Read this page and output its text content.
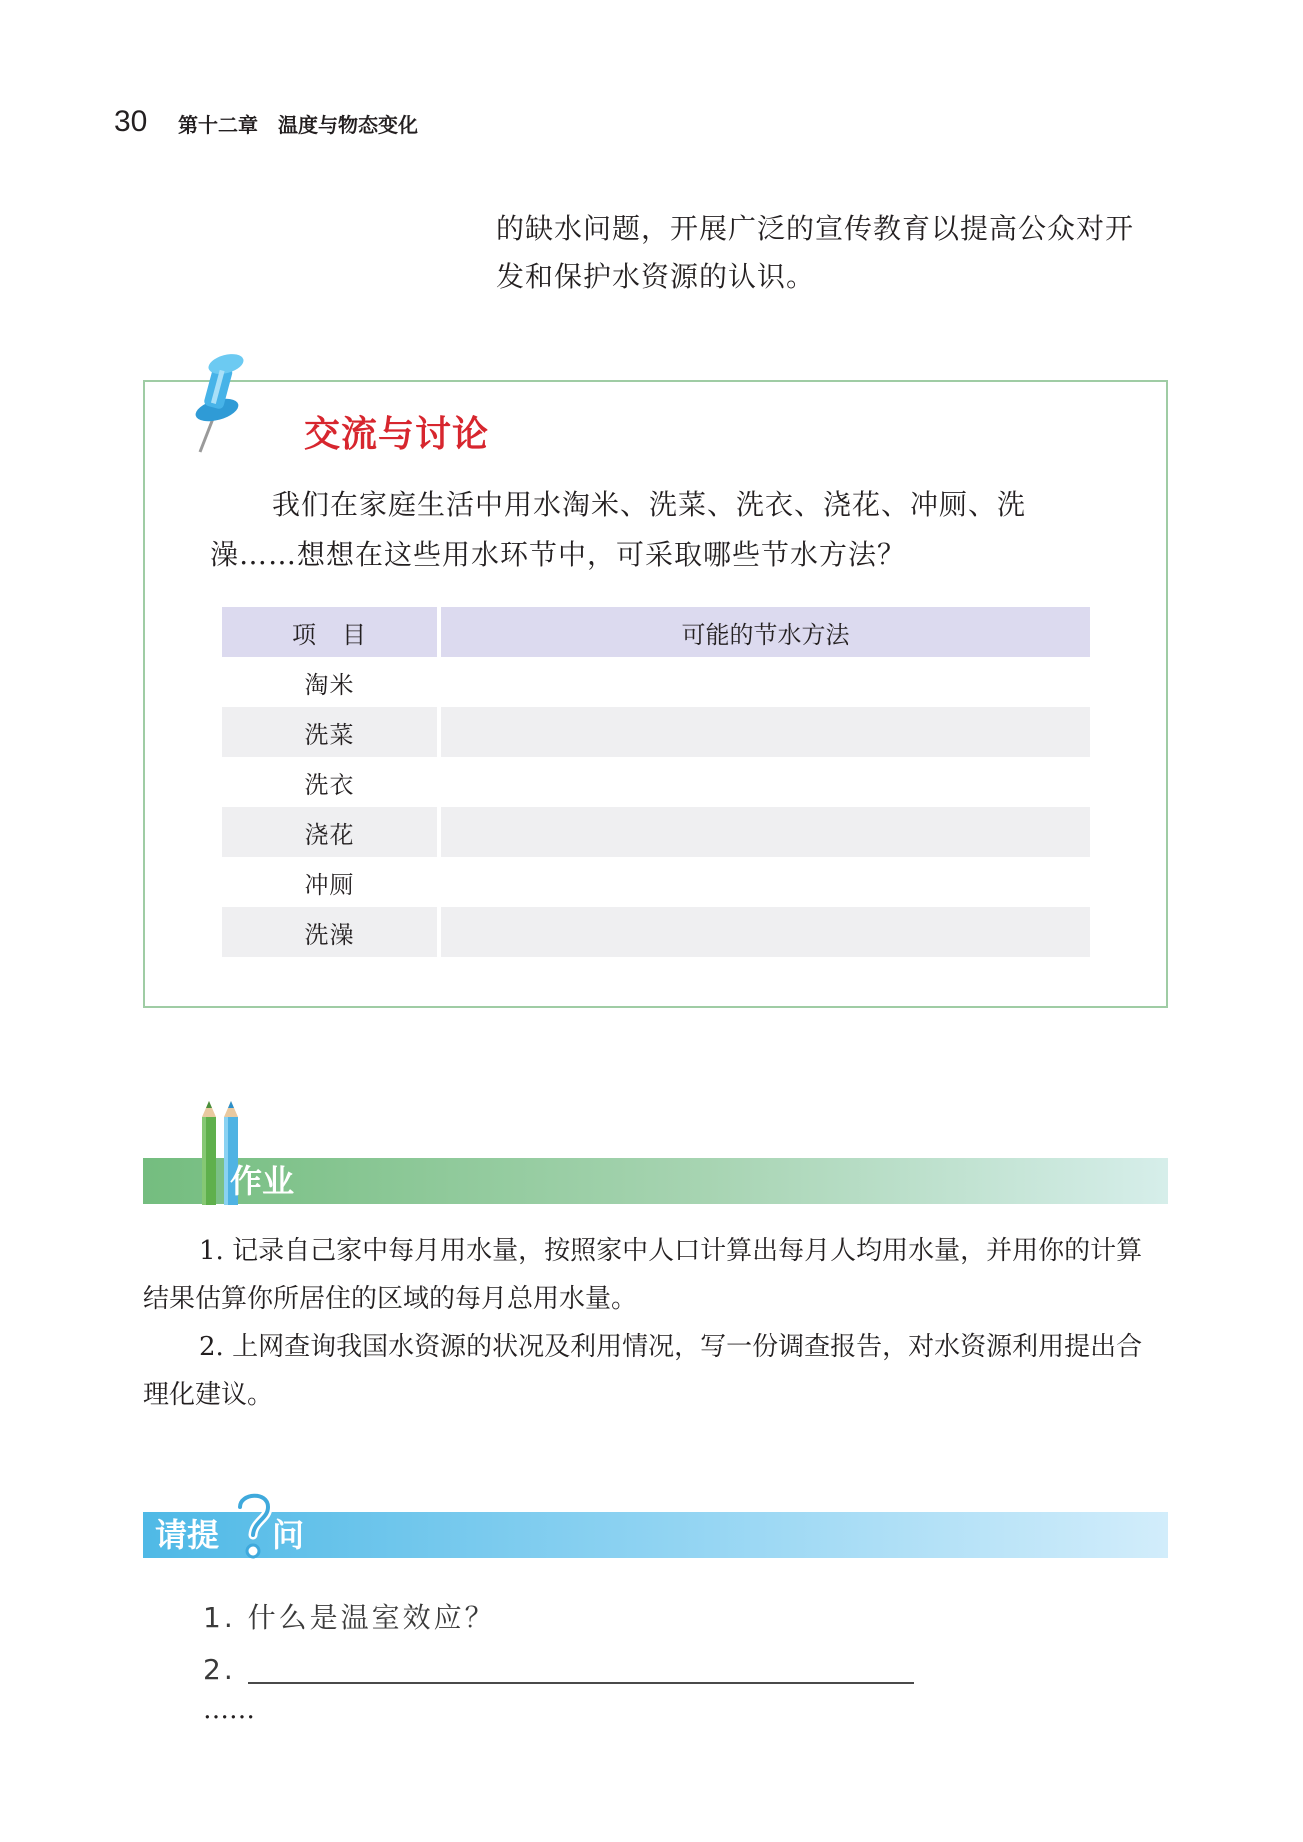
30 第十二章　温度与物态变化
的缺水问题，开展广泛的宣传教育以提高公众对开
发和保护水资源的认识。
交流与讨论
我们在家庭生活中用水淘米、洗菜、洗衣、浇花、冲厕、洗
澡……想想在这些用水环节中，可采取哪些节水方法？
项　目	可能的节水方法
淘米
洗菜
洗衣
浇花
冲厕
洗澡
作业
1. 记录自己家中每月用水量，按照家中人口计算出每月人均用水量，并用你的计算
结果估算你所居住的区域的每月总用水量。
2. 上网查询我国水资源的状况及利用情况，写一份调查报告，对水资源利用提出合
理化建议。
请提 问
1. 什么是温室效应？
2.
……
